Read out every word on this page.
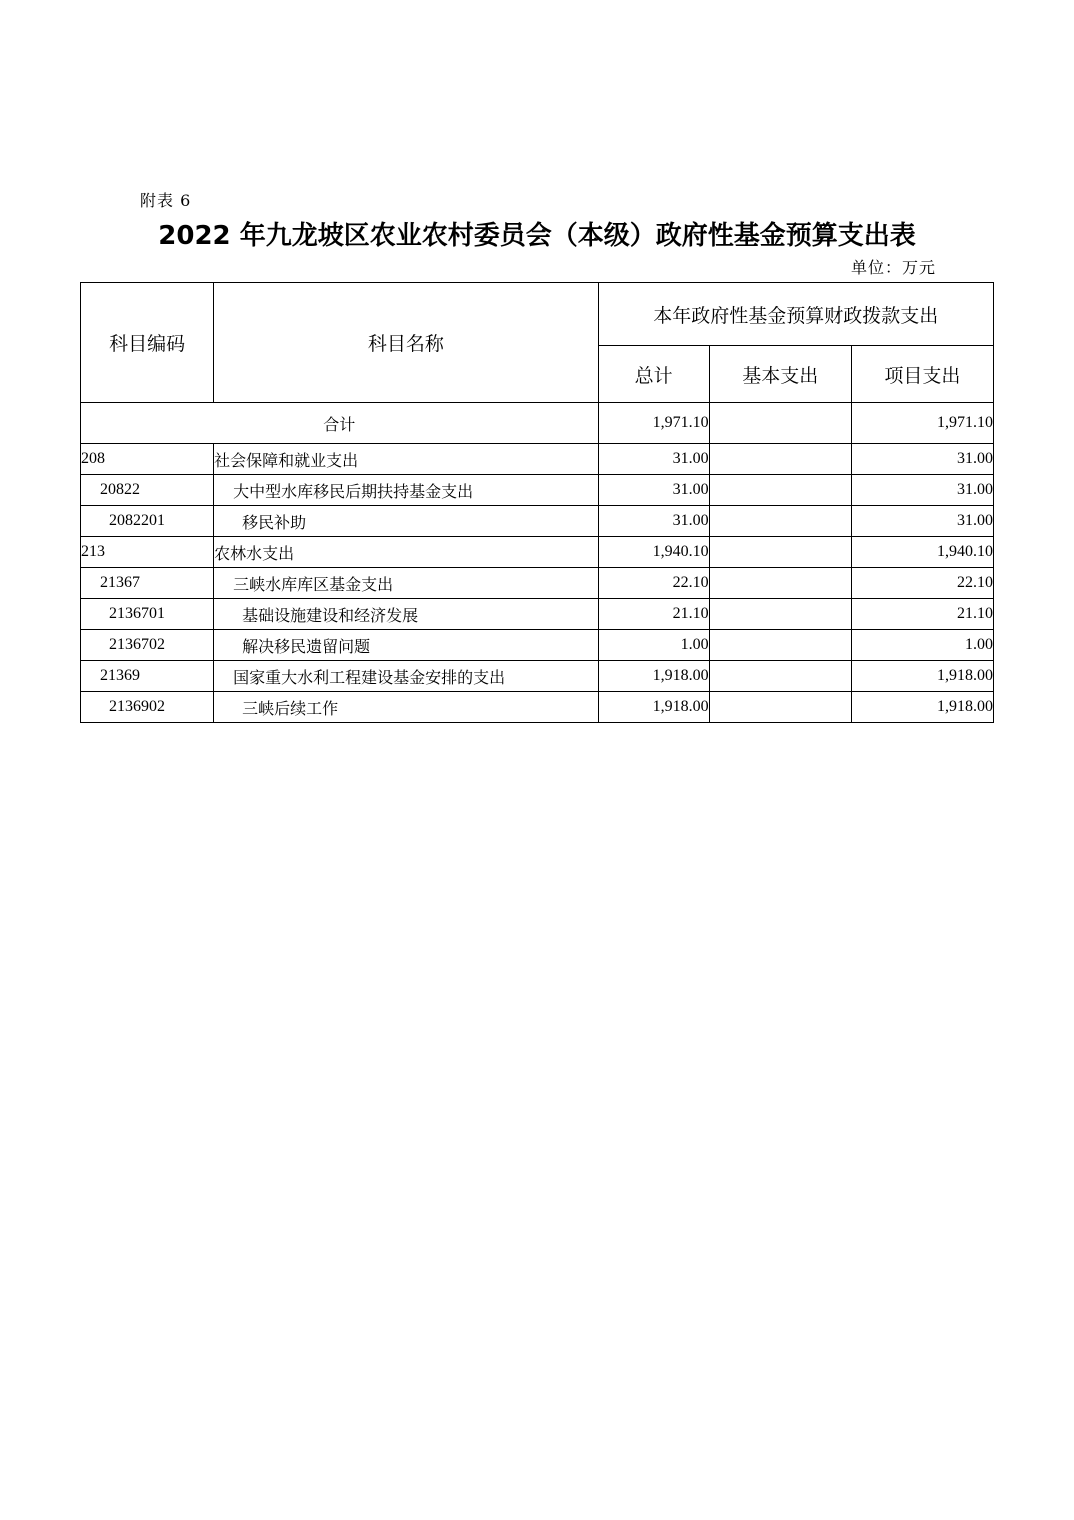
附表 6
2022 年九龙坡区农业农村委员会（本级）政府性基金预算支出表
单位：万元
科目编码	科目名称	本年政府性基金预算财政拨款支出		
		总计	基本支出	项目支出
合计		1,971.10		1,971.10
208	社会保障和就业支出	31.00		31.00
20822	大中型水库移民后期扶持基金支出	31.00		31.00
2082201	移民补助	31.00		31.00
213	农林水支出	1,940.10		1,940.10
21367	三峡水库库区基金支出	22.10		22.10
2136701	基础设施建设和经济发展	21.10		21.10
2136702	解决移民遗留问题	1.00		1.00
21369	国家重大水利工程建设基金安排的支出	1,918.00		1,918.00
2136902	三峡后续工作	1,918.00		1,918.00
